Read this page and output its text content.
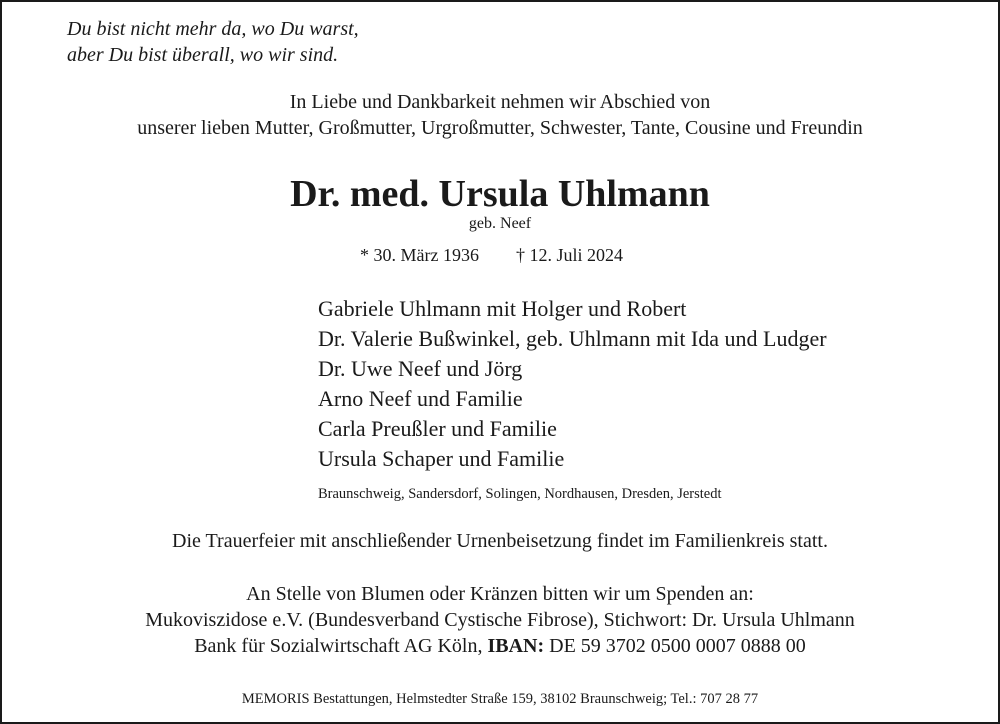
Du bist nicht mehr da, wo Du warst,
aber Du bist überall, wo wir sind.
In Liebe und Dankbarkeit nehmen wir Abschied von
unserer lieben Mutter, Großmutter, Urgroßmutter, Schwester, Tante, Cousine und Freundin
Dr. med. Ursula Uhlmann
geb. Neef
* 30. März 1936 † 12. Juli 2024
Gabriele Uhlmann mit Holger und Robert
Dr. Valerie Bußwinkel, geb. Uhlmann mit Ida und Ludger
Dr. Uwe Neef und Jörg
Arno Neef und Familie
Carla Preußler und Familie
Ursula Schaper und Familie
Braunschweig, Sandersdorf, Solingen, Nordhausen, Dresden, Jerstedt
Die Trauerfeier mit anschließender Urnenbeisetzung findet im Familienkreis statt.
An Stelle von Blumen oder Kränzen bitten wir um Spenden an:
Mukoviszidose e.V. (Bundesverband Cystische Fibrose), Stichwort: Dr. Ursula Uhlmann
Bank für Sozialwirtschaft AG Köln, IBAN: DE 59 3702 0500 0007 0888 00
MEMORIS Bestattungen, Helmstedter Straße 159, 38102 Braunschweig; Tel.: 707 28 77
